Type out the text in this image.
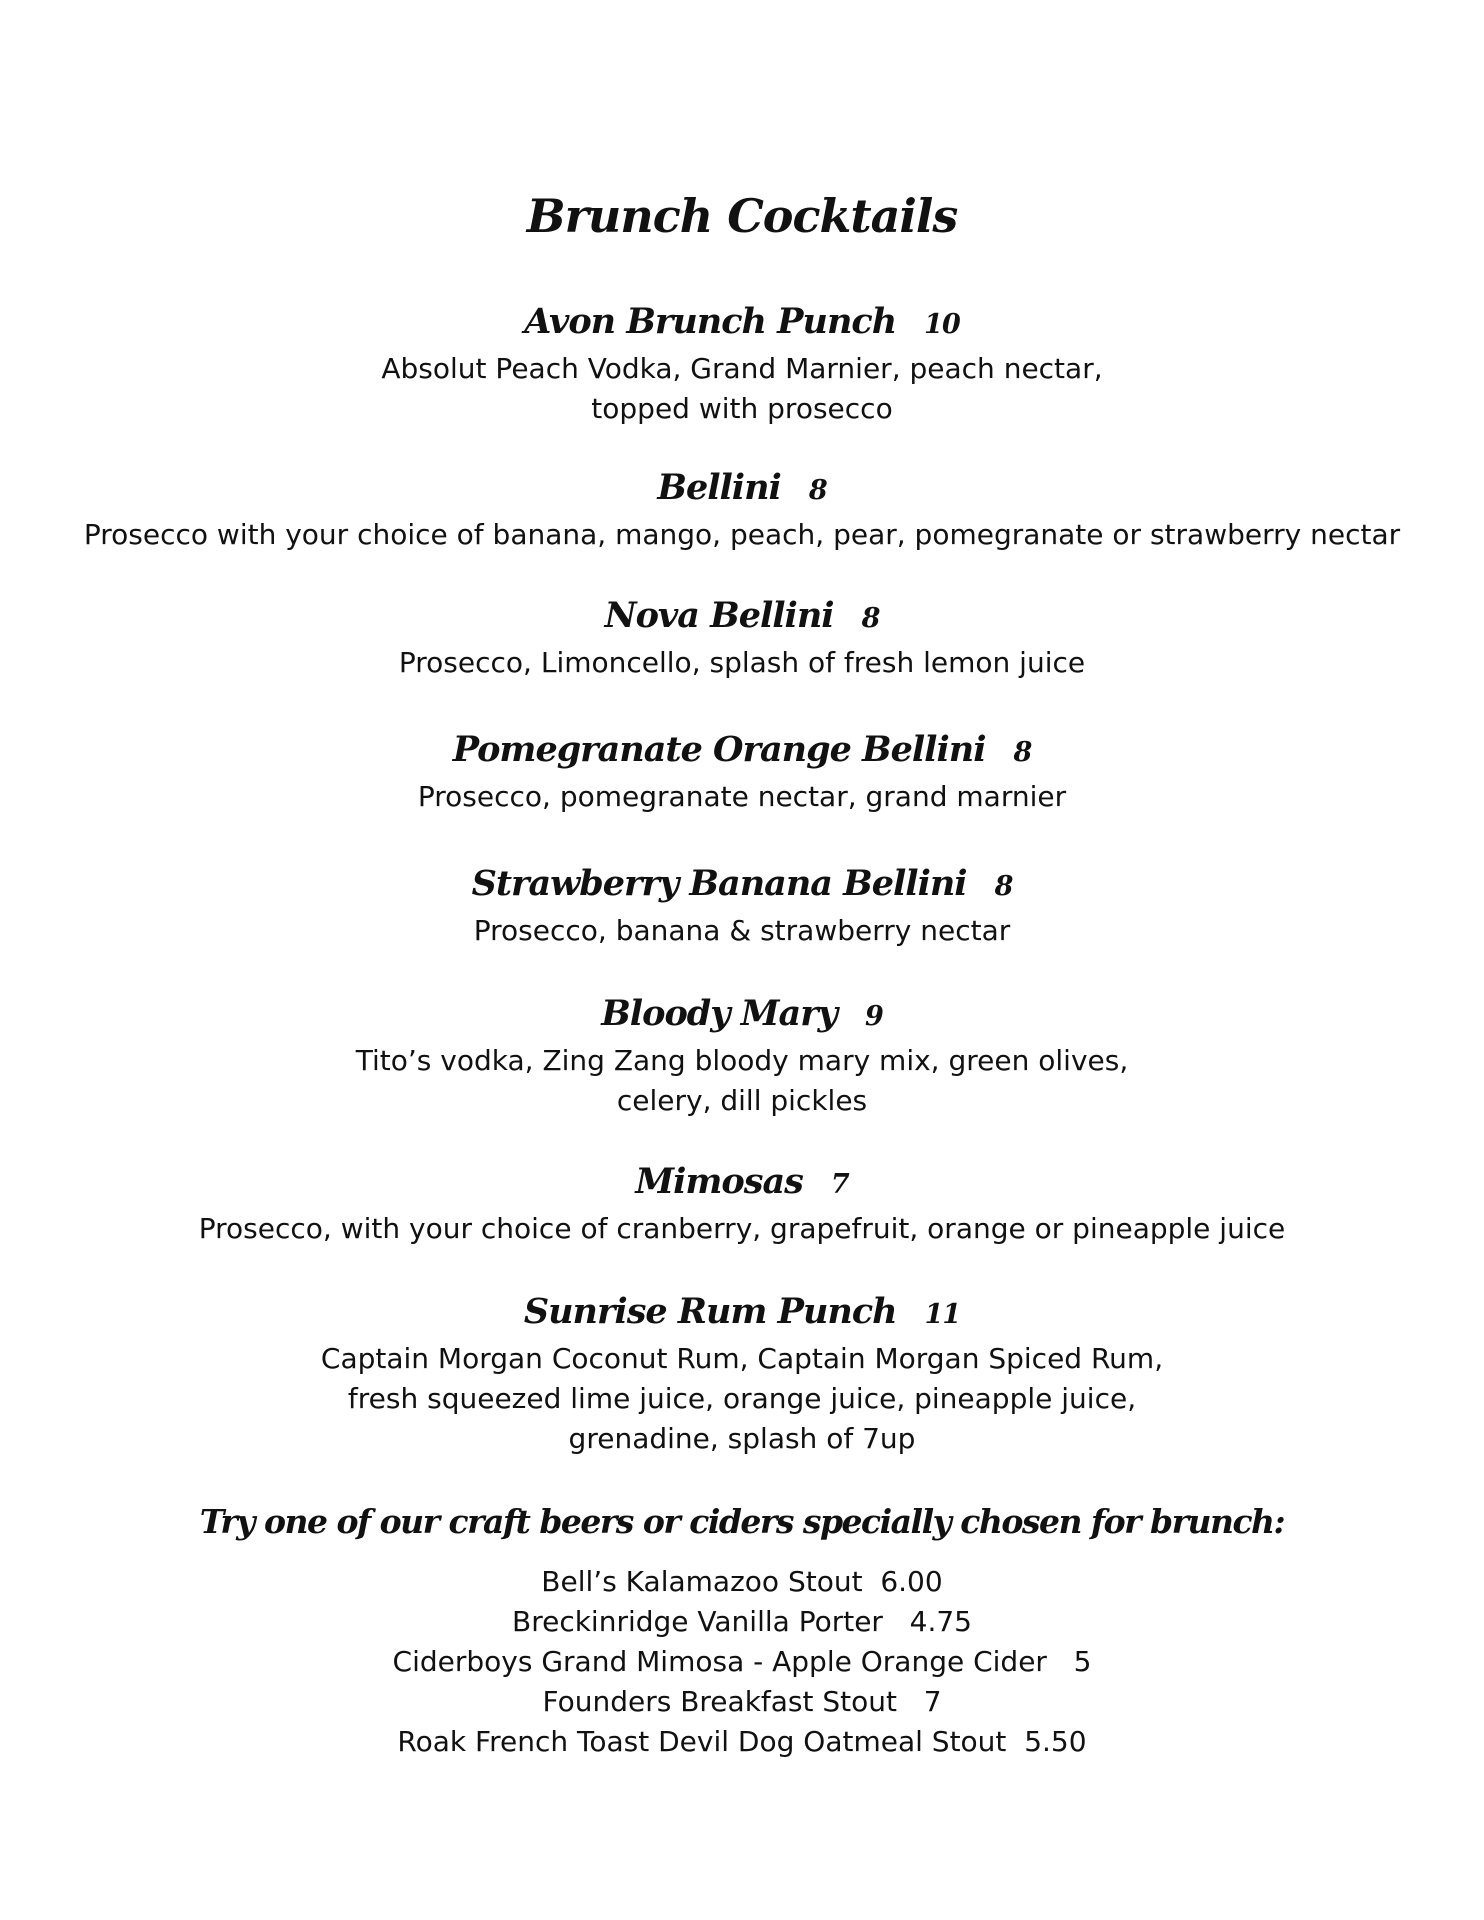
Brunch Cocktails
Avon Brunch Punch 10
Absolut Peach Vodka, Grand Marnier, peach nectar,
topped with prosecco
Bellini 8
Prosecco with your choice of banana, mango, peach, pear, pomegranate or strawberry nectar
Nova Bellini 8
Prosecco, Limoncello, splash of fresh lemon juice
Pomegranate Orange Bellini 8
Prosecco, pomegranate nectar, grand marnier
Strawberry Banana Bellini 8
Prosecco, banana & strawberry nectar
Bloody Mary 9
Tito’s vodka, Zing Zang bloody mary mix, green olives,
celery, dill pickles
Mimosas 7
Prosecco, with your choice of cranberry, grapefruit, orange or pineapple juice
Sunrise Rum Punch 11
Captain Morgan Coconut Rum, Captain Morgan Spiced Rum,
fresh squeezed lime juice, orange juice, pineapple juice,
grenadine, splash of 7up
Try one of our craft beers or ciders specially chosen for brunch:
Bell’s Kalamazoo Stout  6.00
Breckinridge Vanilla Porter   4.75
Ciderboys Grand Mimosa - Apple Orange Cider   5
Founders Breakfast Stout   7
Roak French Toast Devil Dog Oatmeal Stout  5.50
